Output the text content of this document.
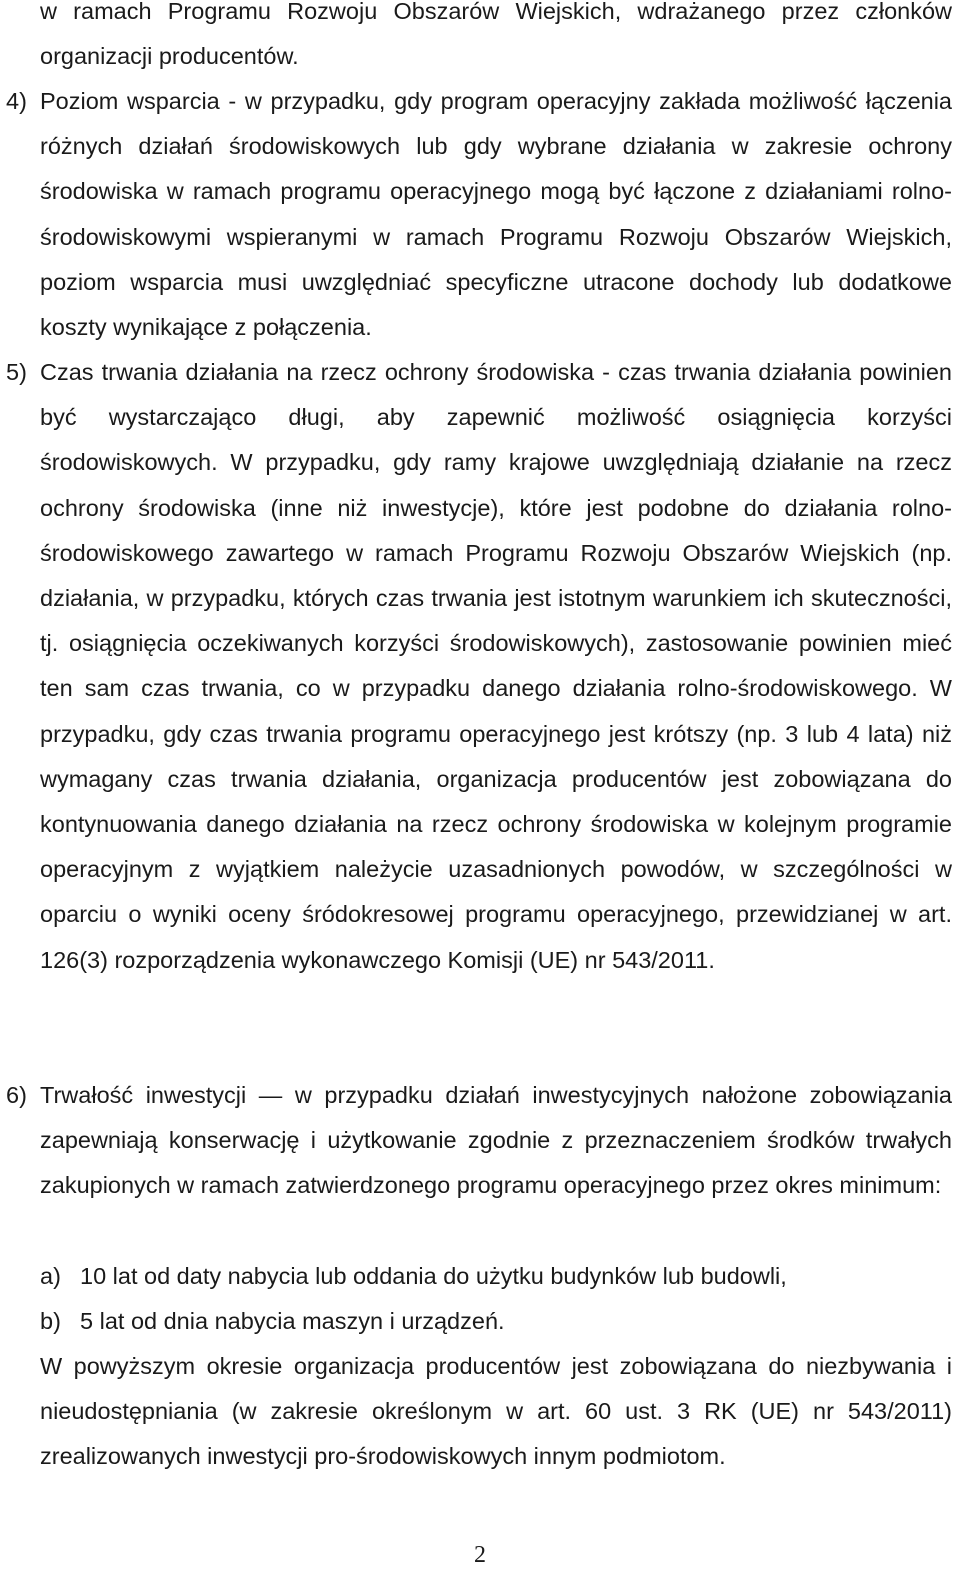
w ramach Programu Rozwoju Obszarów Wiejskich, wdrażanego przez członków organizacji producentów.
4) Poziom wsparcia - w przypadku, gdy program operacyjny zakłada możliwość łączenia różnych działań środowiskowych lub gdy wybrane działania w zakresie ochrony środowiska w ramach programu operacyjnego mogą być łączone z działaniami rolno-środowiskowymi wspieranymi w ramach Programu Rozwoju Obszarów Wiejskich, poziom wsparcia musi uwzględniać specyficzne utracone dochody lub dodatkowe koszty wynikające z połączenia.
5) Czas trwania działania na rzecz ochrony środowiska - czas trwania działania powinien być wystarczająco długi, aby zapewnić możliwość osiągnięcia korzyści środowiskowych. W przypadku, gdy ramy krajowe uwzględniają działanie na rzecz ochrony środowiska (inne niż inwestycje), które jest podobne do działania rolno-środowiskowego zawartego w ramach Programu Rozwoju Obszarów Wiejskich (np. działania, w przypadku, których czas trwania jest istotnym warunkiem ich skuteczności, tj. osiągnięcia oczekiwanych korzyści środowiskowych), zastosowanie powinien mieć ten sam czas trwania, co w przypadku danego działania rolno-środowiskowego. W przypadku, gdy czas trwania programu operacyjnego jest krótszy (np. 3 lub 4 lata) niż wymagany czas trwania działania, organizacja producentów jest zobowiązana do kontynuowania danego działania na rzecz ochrony środowiska w kolejnym programie operacyjnym z wyjątkiem należycie uzasadnionych powodów, w szczególności w oparciu o wyniki oceny śródokresowej programu operacyjnego, przewidzianej w art. 126(3) rozporządzenia wykonawczego Komisji (UE) nr 543/2011.
6) Trwałość inwestycji — w przypadku działań inwestycyjnych nałożone zobowiązania zapewniają konserwację i użytkowanie zgodnie z przeznaczeniem środków trwałych zakupionych w ramach zatwierdzonego programu operacyjnego przez okres minimum:
a) 10 lat od daty nabycia lub oddania do użytku budynków lub budowli,
b) 5 lat od dnia nabycia maszyn i urządzeń.
W powyższym okresie organizacja producentów jest zobowiązana do niezbywania i nieudostępniania (w zakresie określonym w art. 60 ust. 3 RK (UE) nr 543/2011) zrealizowanych inwestycji pro-środowiskowych innym podmiotom.
2
